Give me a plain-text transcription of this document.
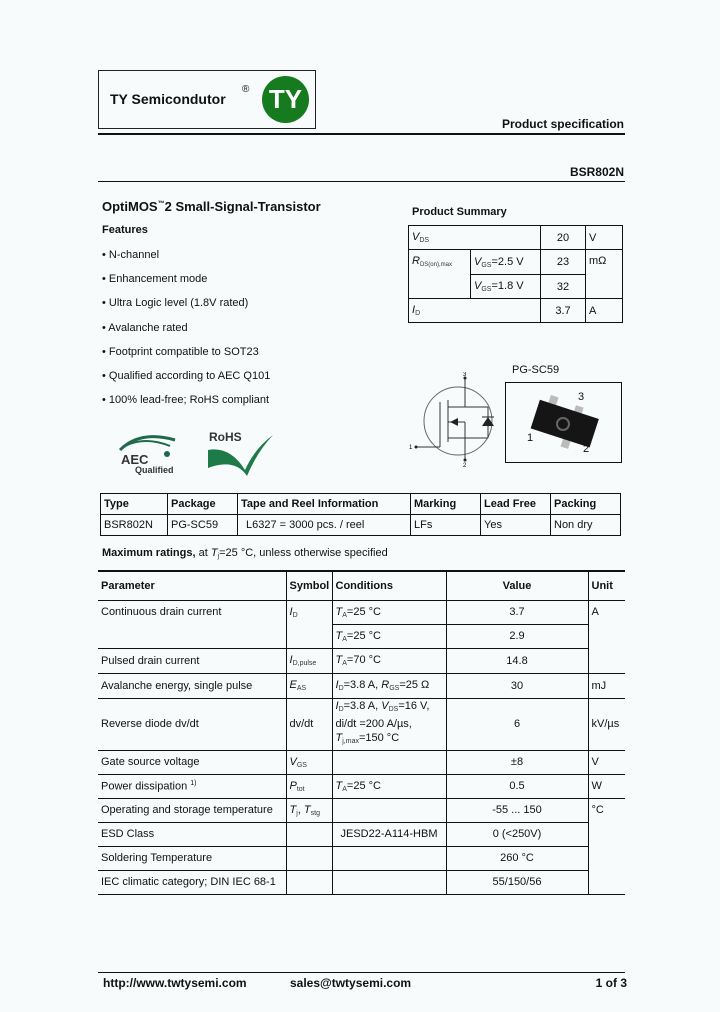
TY Semicondutor
® TY
Product specification
BSR802N
OptiMOS™2 Small-Signal-Transistor
Features
• N-channel
• Enhancement mode
• Ultra Logic level (1.8V rated)
• Avalanche rated
• Footprint compatible to SOT23
• Qualified according to AEC Q101
• 100% lead-free; RoHS compliant
Product Summary
$V_{DS}$		20	V
$R_{DS(on),max}$	$V_{GS}=2.5$ V	23	mΩ
	$V_{GS}=1.8$ V	32	
$I_D$		3.7	A
3
2
1
PG-SC59
3
1
2
AEC
Qualified
RoHS
Type	Package	Tape and Reel Information	Marking	Lead Free	Packing
BSR802N	PG-SC59	L6327 = 3000 pcs. / reel	LFs	Yes	Non dry
Maximum ratings, at $T_j=25$ °C, unless otherwise specified
Parameter	Symbol	Conditions	Value	Unit
Continuous drain current	$I_D$	$T_A=25$ °C	3.7	A
		$T_A=25$ °C	2.9	
Pulsed drain current	$I_{D,pulse}$	$T_A=70$ °C	14.8	
Avalanche energy, single pulse	$E_{AS}$	$I_D=3.8$ A, $R_{GS}=25$ Ω	30	mJ
Reverse diode dv/dt	dv/dt	$I_D=3.8$ A, $V_{DS}=16$ V,
di/dt =200 A/µs,
$T_{j,max}=150$ °C	6	kV/µs
Gate source voltage	$V_{GS}$		±8	V
Power dissipation $^{1)}$	$P_{tot}$	$T_A=25$ °C	0.5	W
Operating and storage temperature	$T_j$, $T_{stg}$		-55 ... 150	°C
ESD Class		JESD22-A114-HBM	0 (<250V)	
Soldering Temperature			260 °C	
IEC climatic category; DIN IEC 68-1			55/150/56	
http://www.twtysemi.com	sales@twtysemi.com	1 of 3
